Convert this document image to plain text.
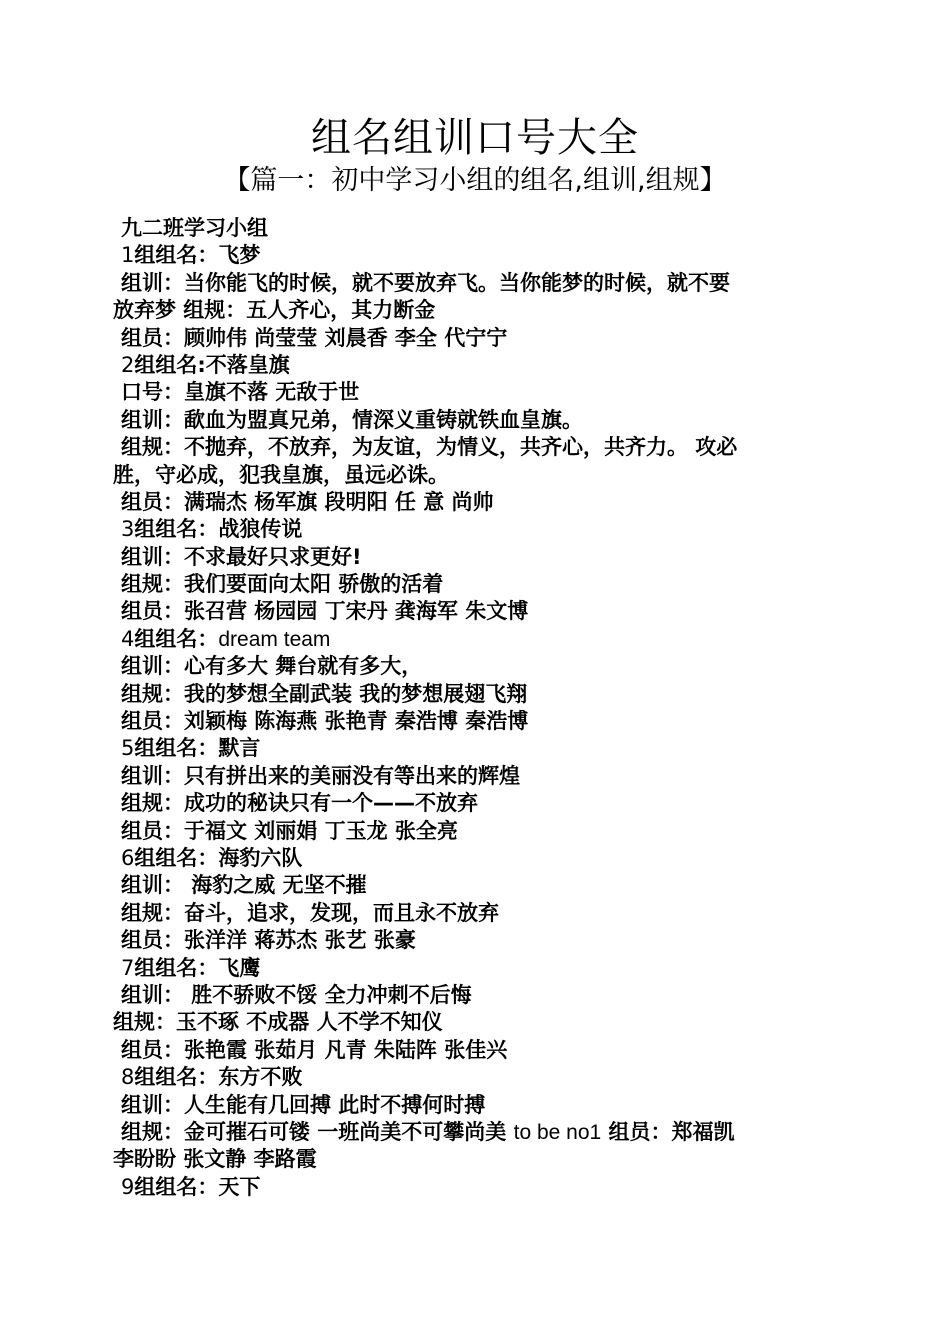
组名组训口号大全
【篇一：初中学习小组的组名,组训,组规】
九二班学习小组
1组组名：飞梦
组训：当你能飞的时候，就不要放弃飞。当你能梦的时候，就不要
放弃梦 组规：五人齐心，其力断金
组员：顾帅伟 尚莹莹 刘晨香 李全 代宁宁
2组组名:不落皇旗
口号：皇旗不落 无敌于世
组训：歃血为盟真兄弟，情深义重铸就铁血皇旗。
组规：不抛弃，不放弃，为友谊，为情义，共齐心，共齐力。 攻必
胜，守必成，犯我皇旗，虽远必诛。
组员：满瑞杰 杨军旗 段明阳 任 意 尚帅
3组组名：战狼传说
组训：不求最好只求更好!
组规：我们要面向太阳 骄傲的活着
组员：张召营 杨园园 丁宋丹 龚海军 朱文博
4组组名：dream team
组训：心有多大 舞台就有多大，
组规：我的梦想全副武装 我的梦想展翅飞翔
组员：刘颖梅 陈海燕 张艳青 秦浩博 秦浩博
5组组名：默言
组训：只有拼出来的美丽没有等出来的辉煌
组规：成功的秘诀只有一个——不放弃
组员：于福文 刘丽娟 丁玉龙 张全亮
6组组名：海豹六队
组训： 海豹之威 无坚不摧
组规：奋斗，追求，发现，而且永不放弃
组员：张洋洋 蒋苏杰 张艺 张豪
7组组名：飞鹰
组训： 胜不骄败不馁 全力冲刺不后悔
组规：玉不琢 不成器 人不学不知仪
组员：张艳霞 张茹月 凡青 朱陆阵 张佳兴
8组组名：东方不败
组训：人生能有几回搏 此时不搏何时搏
组规：金可摧石可镂 一班尚美不可攀尚美 to be no1 组员：郑福凯
李盼盼 张文静 李路霞
9组组名：天下
